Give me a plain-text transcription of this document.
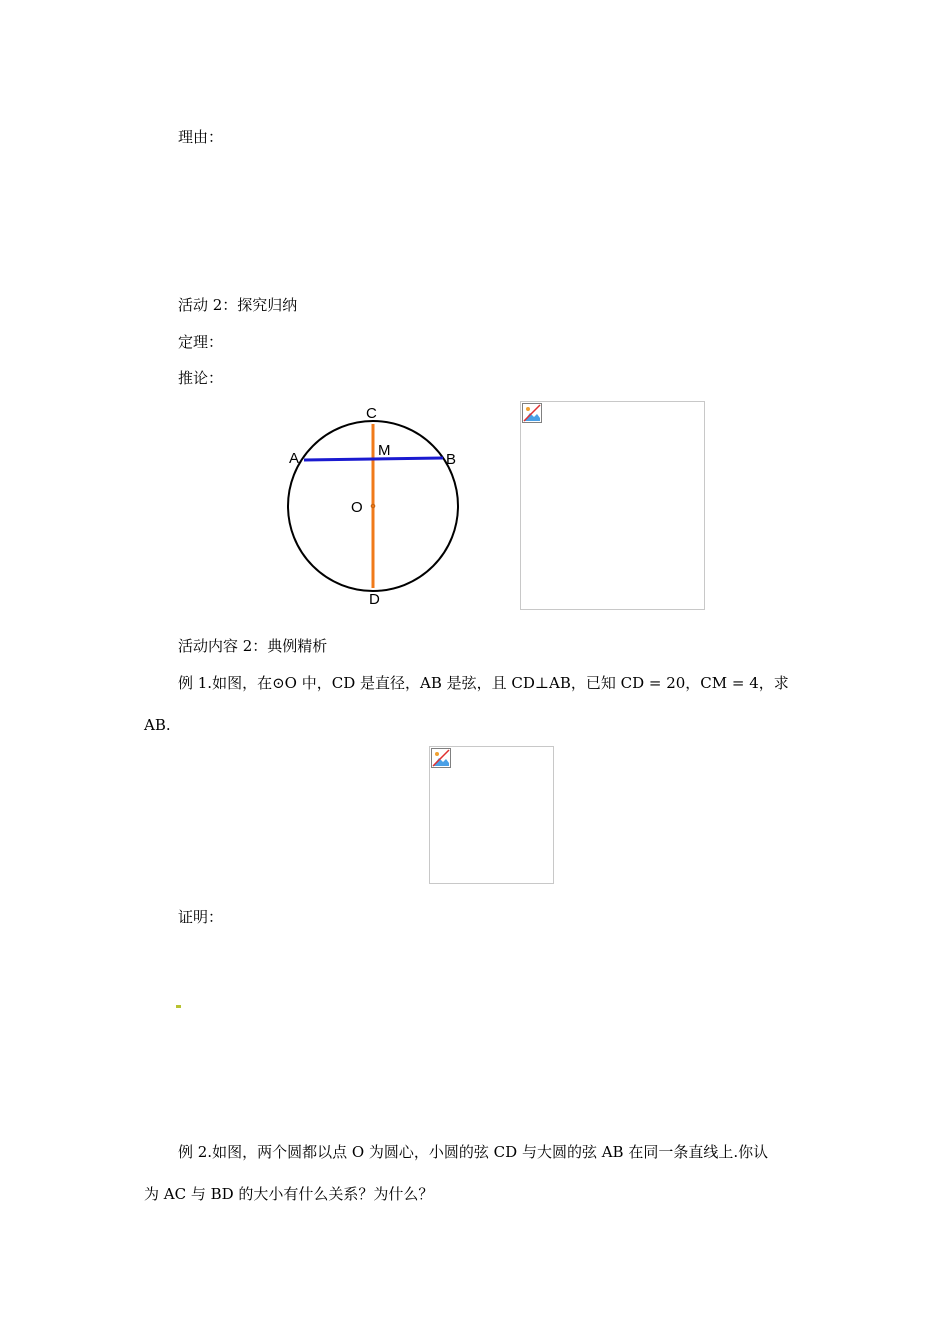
理由：
活动 2：探究归纳
定理：
推论：
C
M
A	B
O
D
活动内容 2：典例精析
例 1.如图，在⊙O 中，CD 是直径，AB 是弦，且 CD⊥AB，已知 CD = 20，CM = 4，求
AB.
证明：
例 2.如图，两个圆都以点 O 为圆心，小圆的弦 CD 与大圆的弦 AB 在同一条直线上.你认
为 AC 与 BD 的大小有什么关系？为什么？
